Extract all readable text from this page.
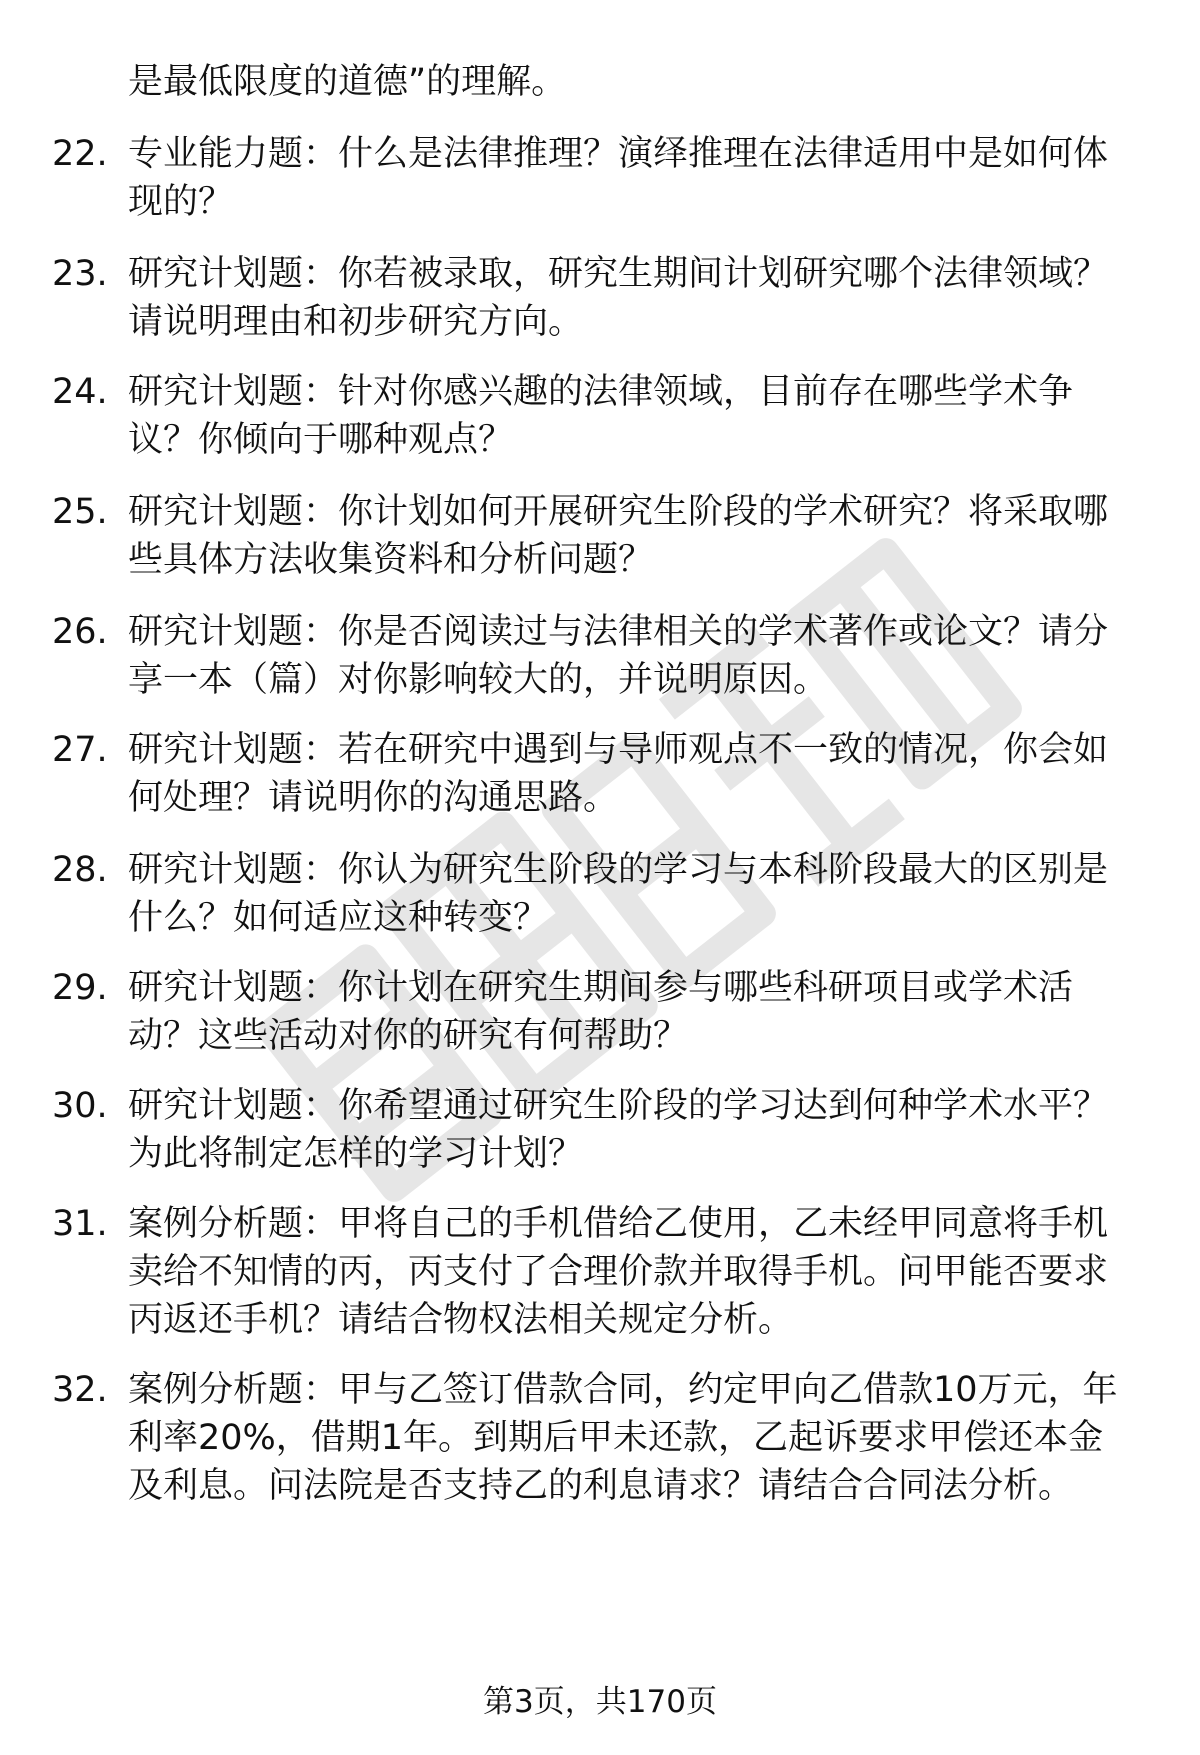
是最低限度的道德”的理解。
22. 专业能力题：什么是法律推理？演绎推理在法律适用中是如何体
现的？
23. 研究计划题：你若被录取，研究生期间计划研究哪个法律领域？
请说明理由和初步研究方向。
24. 研究计划题：针对你感兴趣的法律领域，目前存在哪些学术争
议？你倾向于哪种观点？
25. 研究计划题：你计划如何开展研究生阶段的学术研究？将采取哪
些具体方法收集资料和分析问题？
26. 研究计划题：你是否阅读过与法律相关的学术著作或论文？请分
享一本（篇）对你影响较大的，并说明原因。
27. 研究计划题：若在研究中遇到与导师观点不一致的情况，你会如
何处理？请说明你的沟通思路。
28. 研究计划题：你认为研究生阶段的学习与本科阶段最大的区别是
什么？如何适应这种转变？
29. 研究计划题：你计划在研究生期间参与哪些科研项目或学术活
动？这些活动对你的研究有何帮助？
30. 研究计划题：你希望通过研究生阶段的学习达到何种学术水平？
为此将制定怎样的学习计划？
31. 案例分析题：甲将自己的手机借给乙使用，乙未经甲同意将手机
卖给不知情的丙，丙支付了合理价款并取得手机。问甲能否要求
丙返还手机？请结合物权法相关规定分析。
32. 案例分析题：甲与乙签订借款合同，约定甲向乙借款10万元，年
利率20%，借期1年。到期后甲未还款，乙起诉要求甲偿还本金
及利息。问法院是否支持乙的利息请求？请结合合同法分析。
第3页，共170页
